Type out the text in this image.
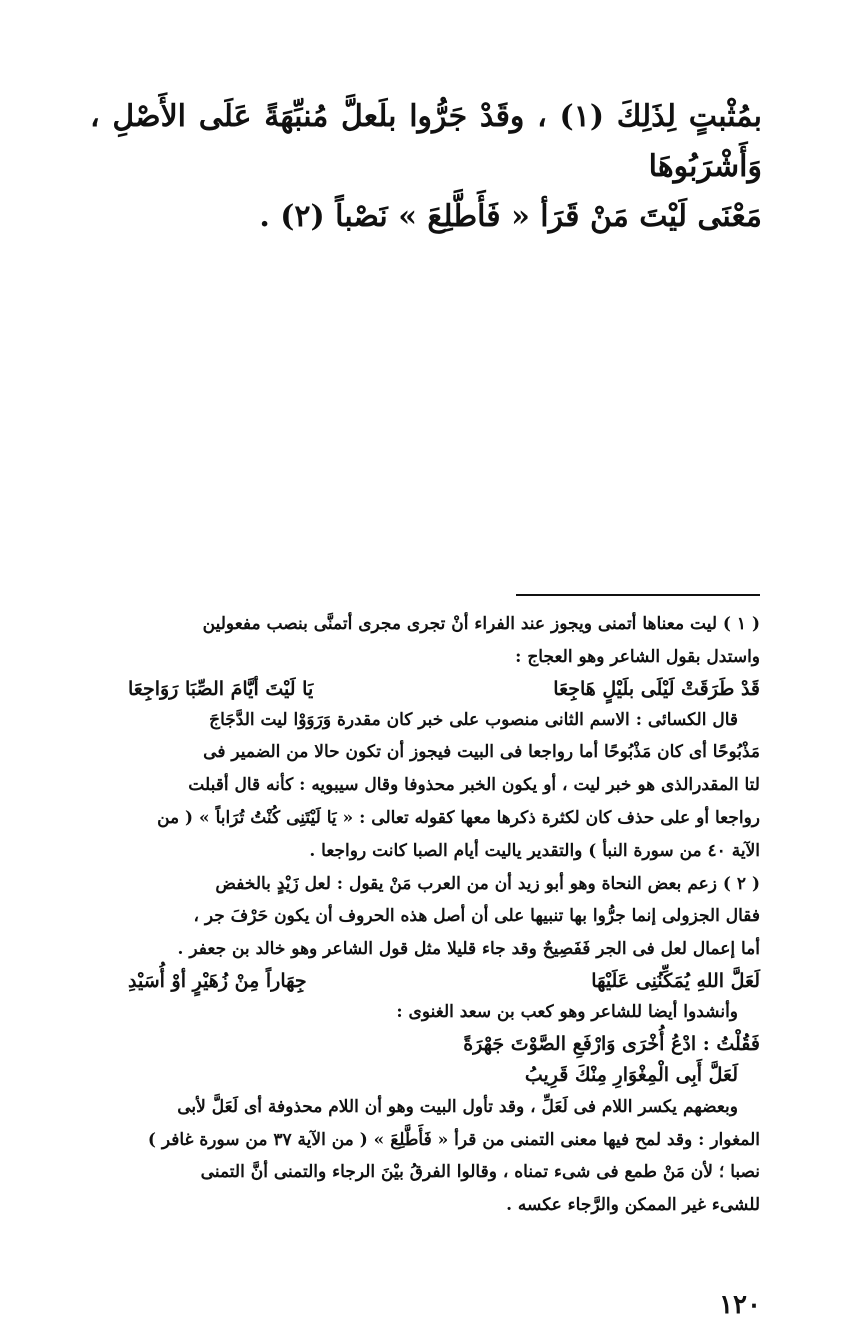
بمُثْبتٍ لِذَلِكَ (١) ، وقَدْ جَرُّوا بلَعلَّ مُنبِّهَةً عَلَى الأَصْلِ ، وَأَشْرَبُوهَا

مَعْنَى لَيْتَ مَنْ قَرَأ « فَأَطَّلِعَ » نَصْباً (٢) .

( ١ ) ليت معناها أتمنى ويجوز عند الفراء أنْ تجرى مجرى أتمنَّى بنصب مفعولين

واستدل بقول الشاعر وهو العجاج :

قَدْ طَرَقَتْ لَيْلَى بلَيْلٍ هَاجِعَا
يَا لَيْتَ أيَّامَ الصِّبَا رَوَاجِعَا

قال الكسائى : الاسم الثانى منصوب على خبر كان مقدرة وَرَوَوْا ليت الدَّجَاجَ

مَذْبُوحًا أى كان مَذْبُوحًا أما رواجعا فى البيت فيجوز أن تكون حالا من الضمير فى

لتا المقدرالذى هو خبر ليت ، أو يكون الخبر محذوفا وقال سيبويه : كأنه قال أقبلت

رواجعا أو على حذف كان لكثرة ذكرها معها كقوله تعالى : « يَا لَيْتَنِى كُنْتُ تُرَاباً » ( من

الآية ٤٠ من سورة النبأ ) والتقدير ياليت أيام الصبا كانت رواجعا .

( ٢ ) زعم بعض النحاة وهو أبو زيد أن من العرب مَنْ يقول : لعل زَيْدٍ بالخفض

فقال الجزولى إنما جرُّوا بها تنبيها على أن أصل هذه الحروف أن يكون حَرْفَ جر ،

أما إعمال لعل فى الجر فَفَصِيحٌ وقد جاء قليلا مثل قول الشاعر وهو خالد بن جعفر .

لَعَلَّ اللهِ يُمَكِّنُنِى عَلَيْهَا
جِهَاراً مِنْ زُهَيْرٍ أوْ أُسَيْدِ

وأنشدوا أيضا للشاعر وهو كعب بن سعد الغنوى :

فَقُلْتُ : ادْعُ أُخْرَى وَارْفَعِ الصَّوْتَ جَهْرَةً

لَعَلَّ أَبِى الْمِغْوَارِ مِنْكَ قَرِيبُ

وبعضهم يكسر اللام فى لَعَلِّ ، وقد تأول البيت وهو أن اللام محذوفة أى لَعَلَّ لأبى

المغوار : وقد لمح فيها معنى التمنى من قرأ « فَأَطَّلِعَ » ( من الآية ٣٧ من سورة غافر )

نصبا ؛ لأن مَنْ طمع فى شىء تمناه ، وقالوا الفرقُ بيْنَ الرجاء والتمنى أنَّ التمنى

للشىء غير الممكن والرَّجاء عكسه .

١٢٠
